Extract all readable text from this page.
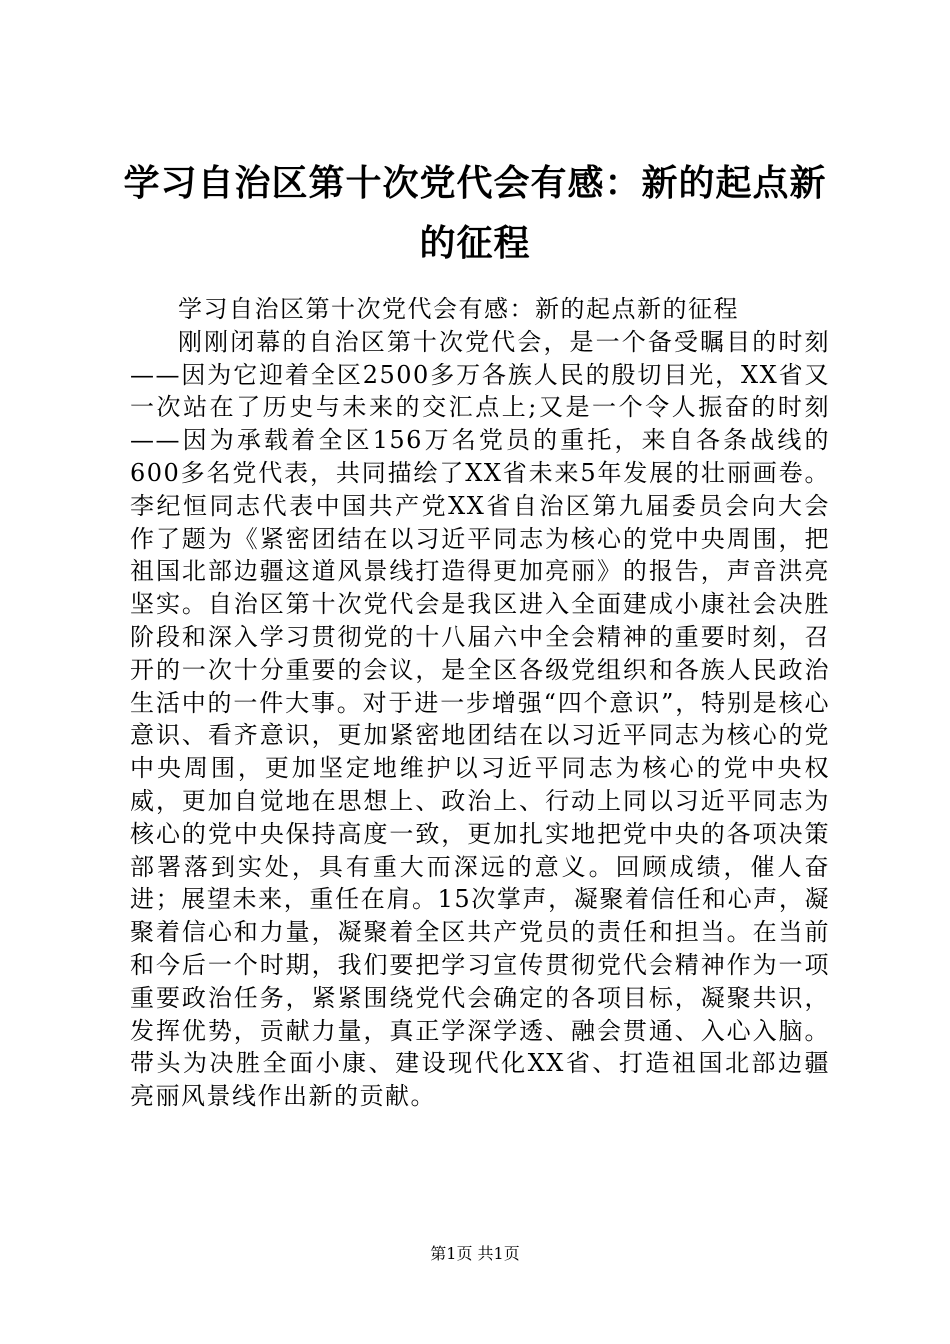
学习自治区第十次党代会有感：新的起点新的征程

学习自治区第十次党代会有感：新的起点新的征程

刚刚闭幕的自治区第十次党代会，是一个备受瞩目的时刻——因为它迎着全区2500多万各族人民的殷切目光，XX省又一次站在了历史与未来的交汇点上;又是一个令人振奋的时刻——因为承载着全区156万名党员的重托，来自各条战线的600多名党代表，共同描绘了XX省未来5年发展的壮丽画卷。李纪恒同志代表中国共产党XX省自治区第九届委员会向大会作了题为《紧密团结在以习近平同志为核心的党中央周围，把祖国北部边疆这道风景线打造得更加亮丽》的报告，声音洪亮坚实。自治区第十次党代会是我区进入全面建成小康社会决胜阶段和深入学习贯彻党的十八届六中全会精神的重要时刻，召开的一次十分重要的会议，是全区各级党组织和各族人民政治生活中的一件大事。对于进一步增强“四个意识”，特别是核心意识、看齐意识，更加紧密地团结在以习近平同志为核心的党中央周围，更加坚定地维护以习近平同志为核心的党中央权威，更加自觉地在思想上、政治上、行动上同以习近平同志为核心的党中央保持高度一致，更加扎实地把党中央的各项决策部署落到实处，具有重大而深远的意义。回顾成绩，催人奋进；展望未来，重任在肩。15次掌声，凝聚着信任和心声，凝聚着信心和力量，凝聚着全区共产党员的责任和担当。在当前和今后一个时期，我们要把学习宣传贯彻党代会精神作为一项重要政治任务，紧紧围绕党代会确定的各项目标，凝聚共识，发挥优势，贡献力量，真正学深学透、融会贯通、入心入脑。带头为决胜全面小康、建设现代化XX省、打造祖国北部边疆亮丽风景线作出新的贡献。

第1页 共1页
